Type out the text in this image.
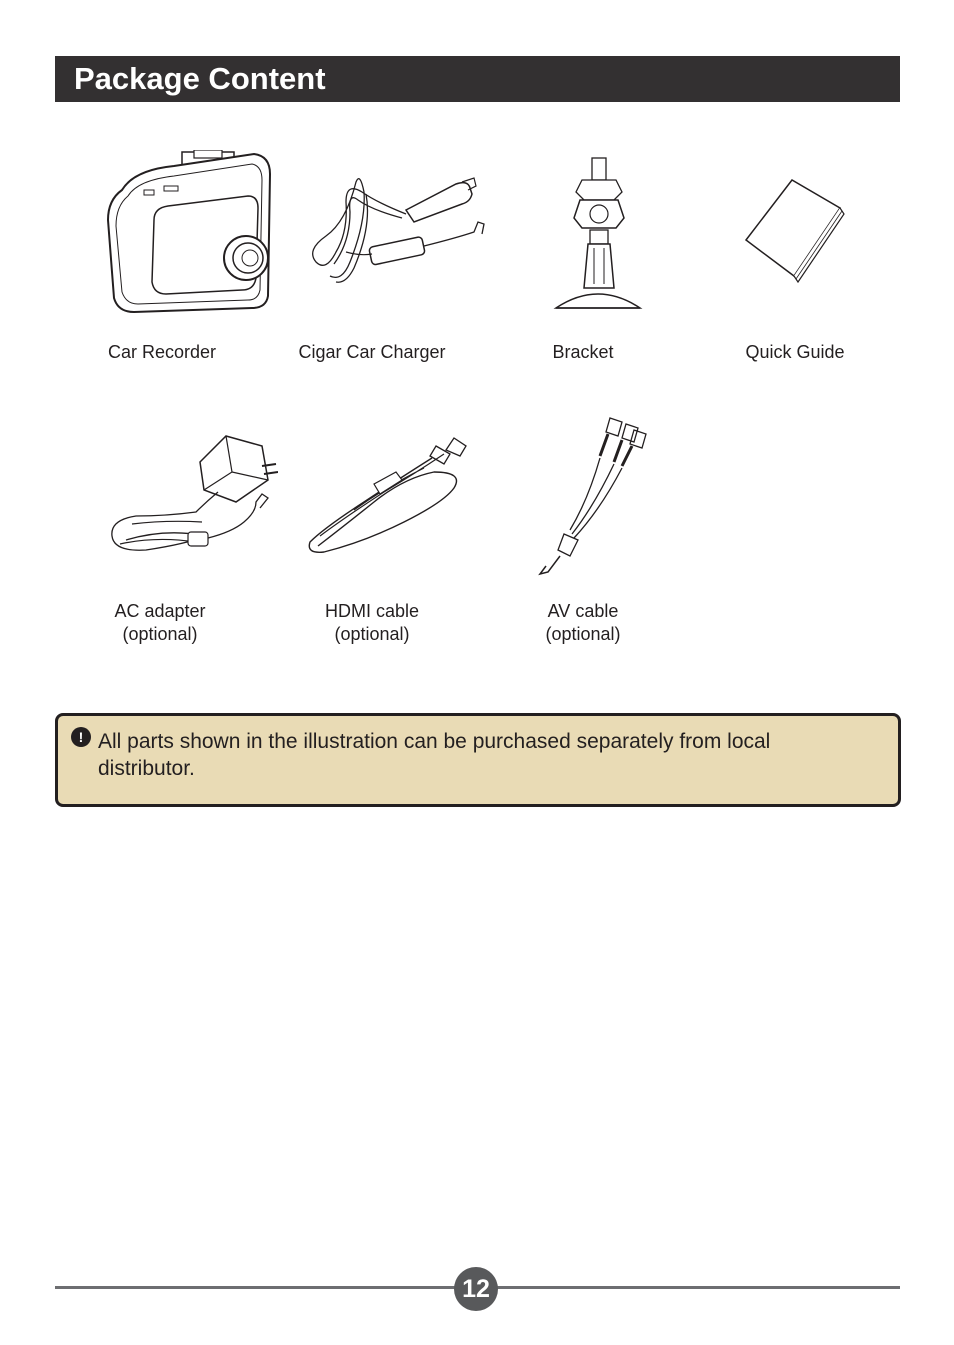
Package Content
Car Recorder	Cigar Car Charger	Bracket	Quick Guide
AC adapter
(optional)
HDMI cable
(optional)
AV cable
(optional)
! All parts shown in the illustration can be purchased separately from local distributor.
12
